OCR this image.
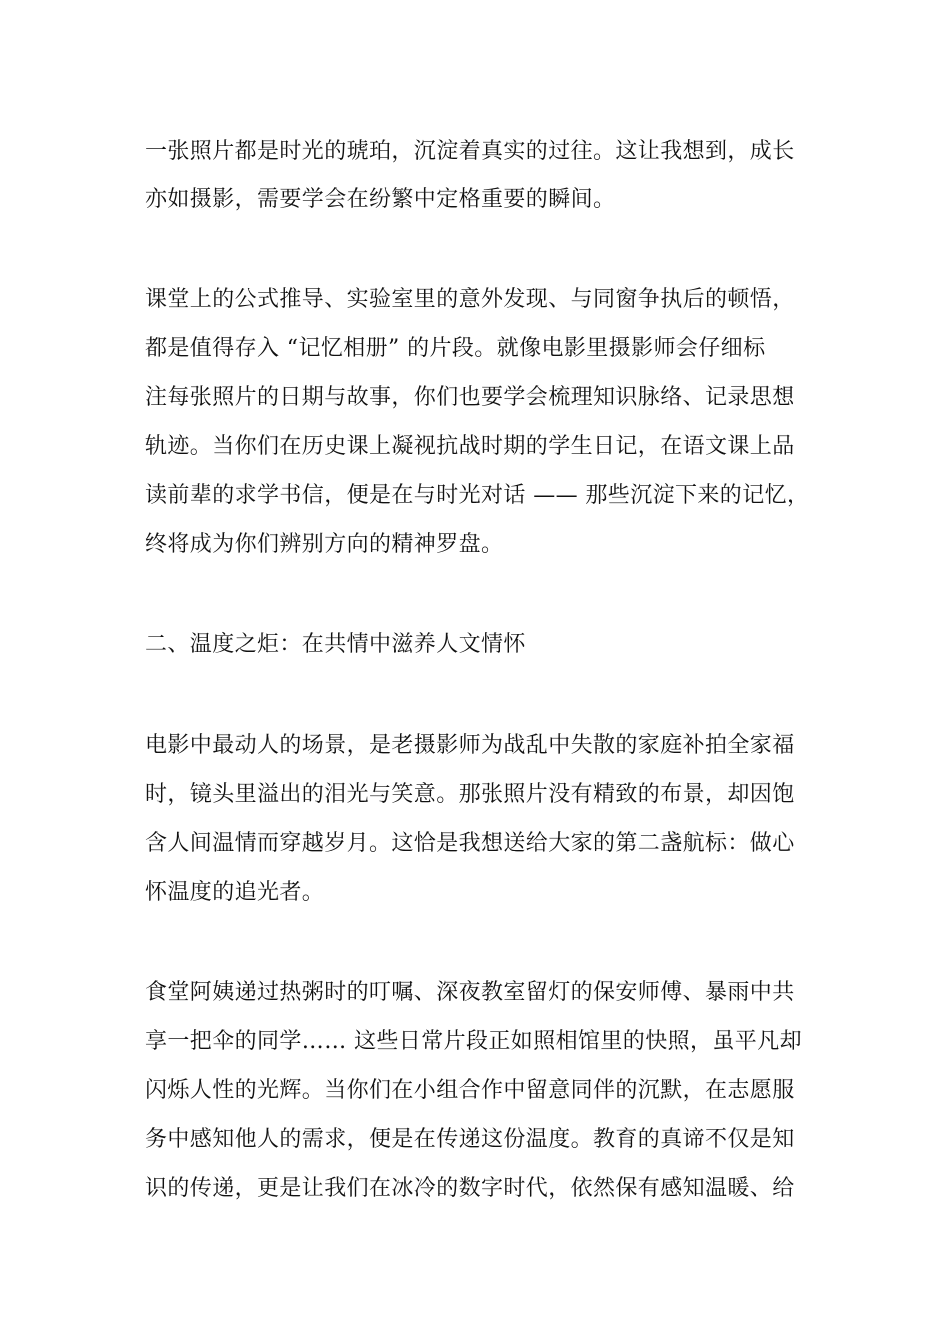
一张照片都是时光的琥珀，沉淀着真实的过往。这让我想到，成长
亦如摄影，需要学会在纷繁中定格重要的瞬间。
课堂上的公式推导、实验室里的意外发现、与同窗争执后的顿悟，
都是值得存入 “记忆相册” 的片段。就像电影里摄影师会仔细标
注每张照片的日期与故事，你们也要学会梳理知识脉络、记录思想
轨迹。当你们在历史课上凝视抗战时期的学生日记，在语文课上品
读前辈的求学书信，便是在与时光对话 —— 那些沉淀下来的记忆，
终将成为你们辨别方向的精神罗盘。
二、温度之炬：在共情中滋养人文情怀
电影中最动人的场景，是老摄影师为战乱中失散的家庭补拍全家福
时，镜头里溢出的泪光与笑意。那张照片没有精致的布景，却因饱
含人间温情而穿越岁月。这恰是我想送给大家的第二盏航标：做心
怀温度的追光者。
食堂阿姨递过热粥时的叮嘱、深夜教室留灯的保安师傅、暴雨中共
享一把伞的同学…… 这些日常片段正如照相馆里的快照，虽平凡却
闪烁人性的光辉。当你们在小组合作中留意同伴的沉默，在志愿服
务中感知他人的需求，便是在传递这份温度。教育的真谛不仅是知
识的传递，更是让我们在冰冷的数字时代，依然保有感知温暖、给
